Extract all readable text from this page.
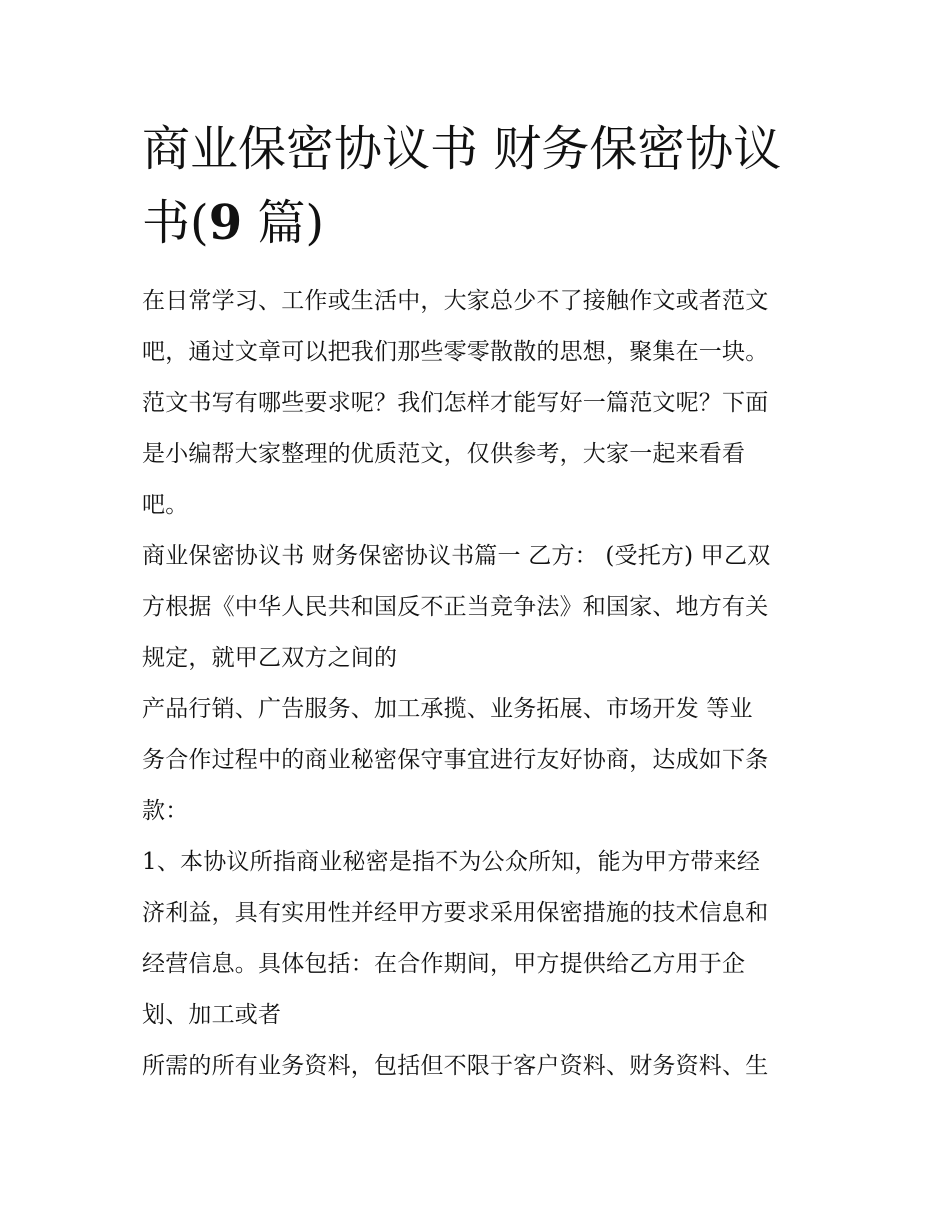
商业保密协议书 财务保密协议
书(9 篇)
在日常学习、工作或生活中，大家总少不了接触作文或者范文
吧，通过文章可以把我们那些零零散散的思想，聚集在一块。
范文书写有哪些要求呢？我们怎样才能写好一篇范文呢？下面
是小编帮大家整理的优质范文，仅供参考，大家一起来看看
吧。
商业保密协议书 财务保密协议书篇一 乙方： (受托方) 甲乙双
方根据《中华人民共和国反不正当竞争法》和国家、地方有关
规定，就甲乙双方之间的
产品行销、广告服务、加工承揽、业务拓展、市场开发 等业
务合作过程中的商业秘密保守事宜进行友好协商，达成如下条
款：
1、本协议所指商业秘密是指不为公众所知，能为甲方带来经
济利益，具有实用性并经甲方要求采用保密措施的技术信息和
经营信息。具体包括：在合作期间，甲方提供给乙方用于企
划、加工或者
所需的所有业务资料，包括但不限于客户资料、财务资料、生
